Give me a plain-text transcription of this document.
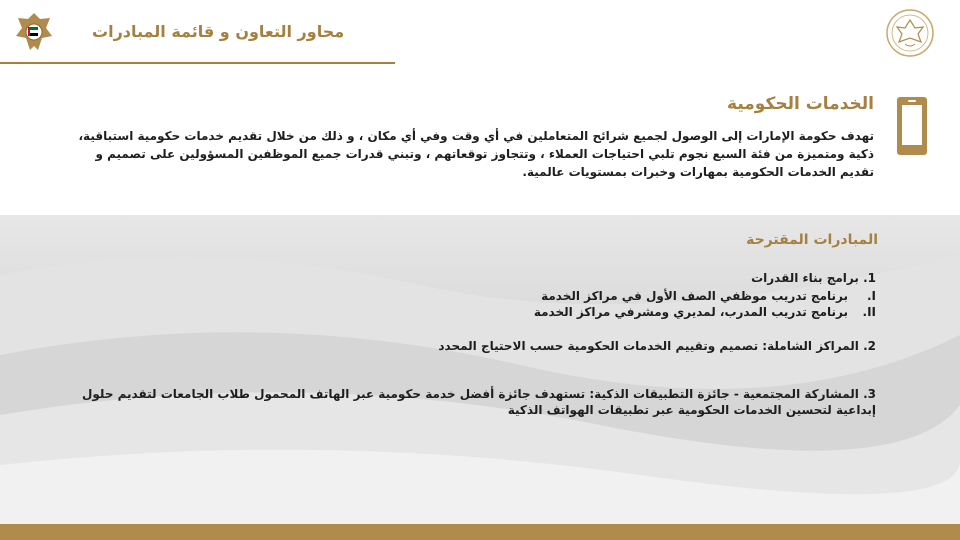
محاور التعاون و قائمة المبادرات
الخدمات الحكومية

تهدف حكومة الإمارات إلى الوصول لجميع شرائح المتعاملين في أي وقت وفي أي مكان ، و ذلك من خلال تقديم خدمات حكومية استباقية، ذكية ومتميزة من فئة السبع نجوم تلبي احتياجات العملاء ، وتتجاوز توقعاتهم ، وتبني قدرات جميع الموظفين المسؤولين على تصميم و تقديم الخدمات الحكومية بمهارات وخبرات بمستويات عالمية.

المبادرات المقترحة

1. برامج بناء القدرات

I.برنامج تدريب موظفي الصف الأول في مراكز الخدمة
II.برنامج تدريب المدرب، لمديري ومشرفي مراكز الخدمة

2. المراكز الشاملة: تصميم وتقييم الخدمات الحكومية حسب الاحتياج المحدد

3. المشاركة المجتمعية - جائزة التطبيقات الذكية: تستهدف جائزة أفضل خدمة حكومية عبر الهاتف المحمول طلاب الجامعات لتقديم حلول إبداعية لتحسين الخدمات الحكومية عبر تطبيقات الهواتف الذكية
